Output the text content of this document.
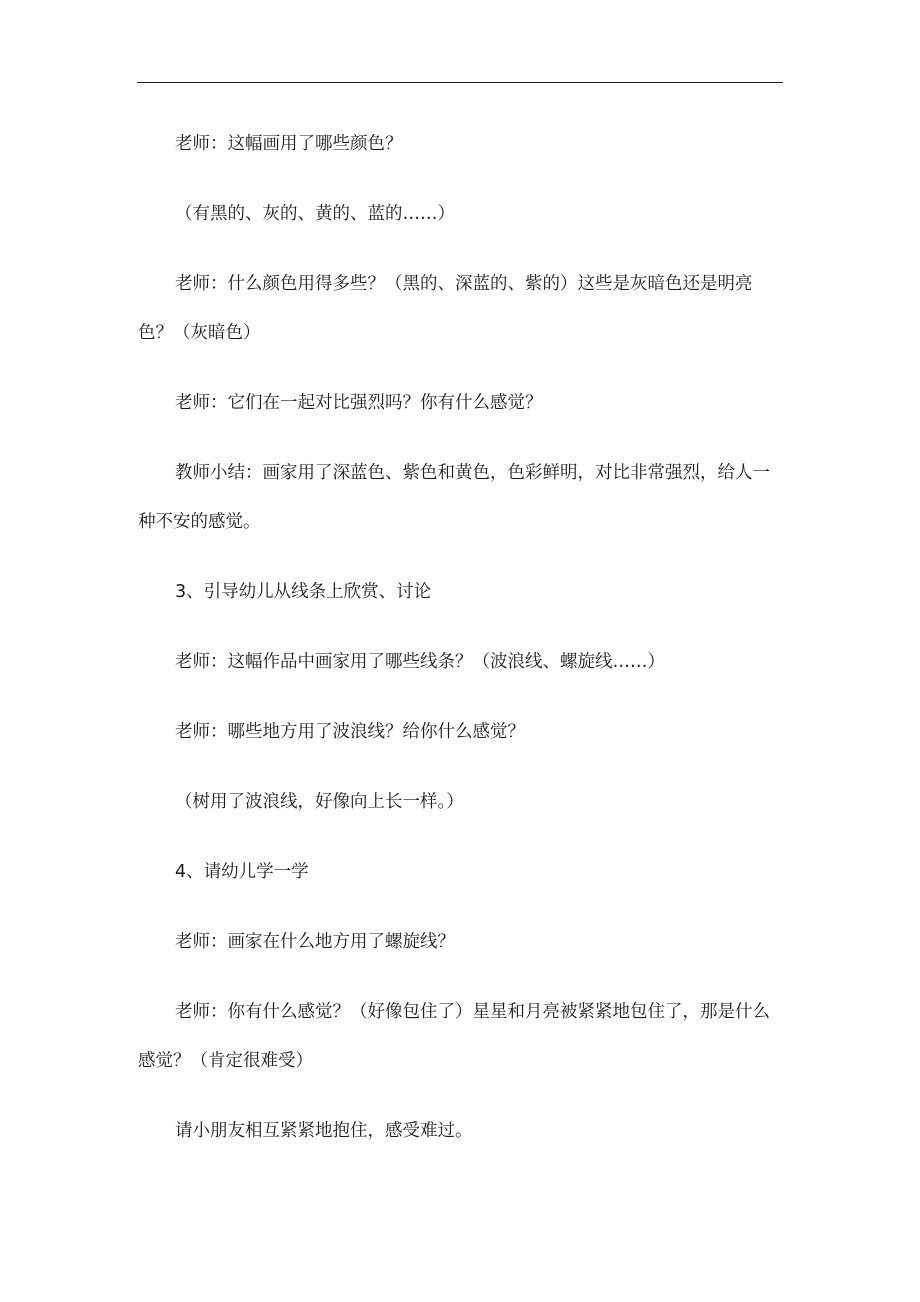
老师：这幅画用了哪些颜色？

（有黑的、灰的、黄的、蓝的……）

老师：什么颜色用得多些？（黑的、深蓝的、紫的）这些是灰暗色还是明亮色？（灰暗色）

老师：它们在一起对比强烈吗？你有什么感觉？

教师小结：画家用了深蓝色、紫色和黄色，色彩鲜明，对比非常强烈，给人一种不安的感觉。

3、引导幼儿从线条上欣赏、讨论

老师：这幅作品中画家用了哪些线条？（波浪线、螺旋线……）

老师：哪些地方用了波浪线？给你什么感觉？

（树用了波浪线，好像向上长一样。）

4、请幼儿学一学

老师：画家在什么地方用了螺旋线？

老师：你有什么感觉？（好像包住了）星星和月亮被紧紧地包住了，那是什么感觉？（肯定很难受）

请小朋友相互紧紧地抱住，感受难过。
